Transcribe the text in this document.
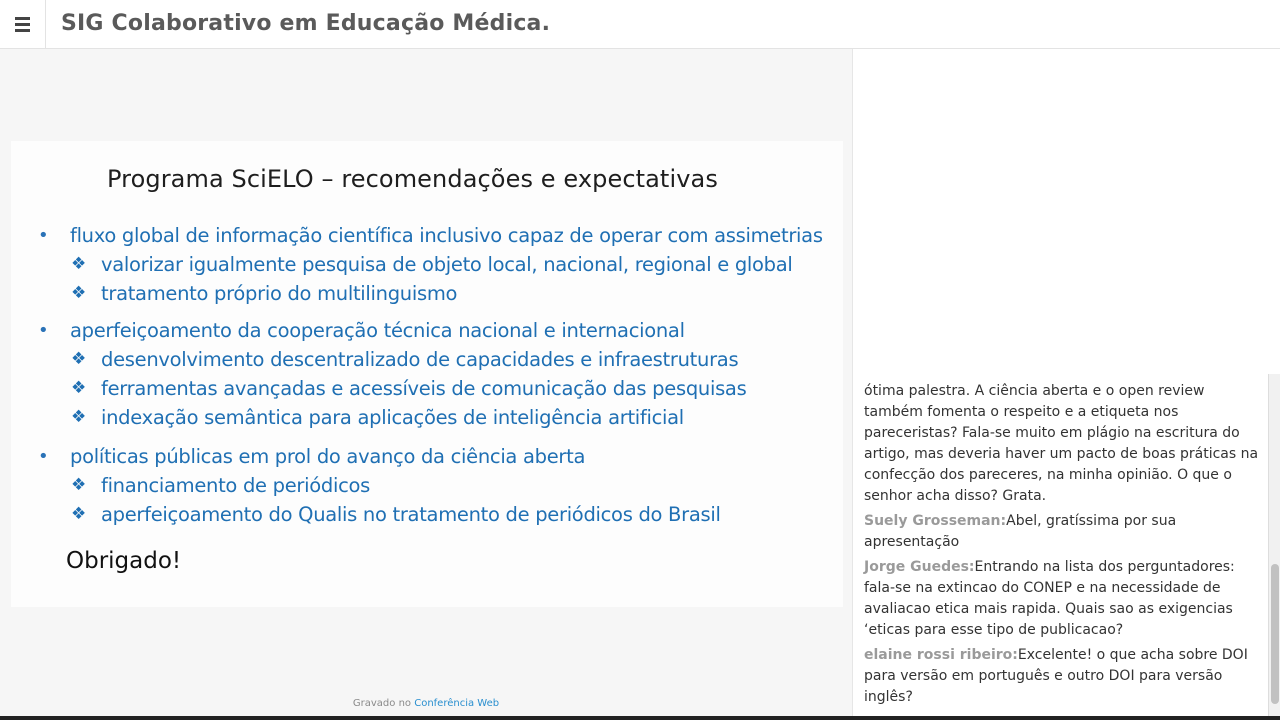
SIG Colaborativo em Educação Médica.
Programa SciELO – recomendações e expectativas
• fluxo global de informação científica inclusivo capaz de operar com assimetrias
❖ valorizar igualmente pesquisa de objeto local, nacional, regional e global
❖ tratamento próprio do multilinguismo
• aperfeiçoamento da cooperação técnica nacional e internacional
❖ desenvolvimento descentralizado de capacidades e infraestruturas
❖ ferramentas avançadas e acessíveis de comunicação das pesquisas
❖ indexação semântica para aplicações de inteligência artificial
• políticas públicas em prol do avanço da ciência aberta
❖ financiamento de periódicos
❖ aperfeiçoamento do Qualis no tratamento de periódicos do Brasil
Obrigado!
Gravado no Conferência Web
ótima palestra. A ciência aberta e o open review também fomenta o respeito e a etiqueta nos pareceristas? Fala-se muito em plágio na escritura do artigo, mas deveria haver um pacto de boas práticas na confecção dos pareceres, na minha opinião. O que o senhor acha disso? Grata.
Suely Grosseman:Abel, gratíssima por sua apresentação
Jorge Guedes:Entrando na lista dos perguntadores: fala-se na extincao do CONEP e na necessidade de avaliacao etica mais rapida. Quais sao as exigencias ‘eticas para esse tipo de publicacao?
elaine rossi ribeiro:Excelente! o que acha sobre DOI para versão em português e outro DOI para versão inglês?
